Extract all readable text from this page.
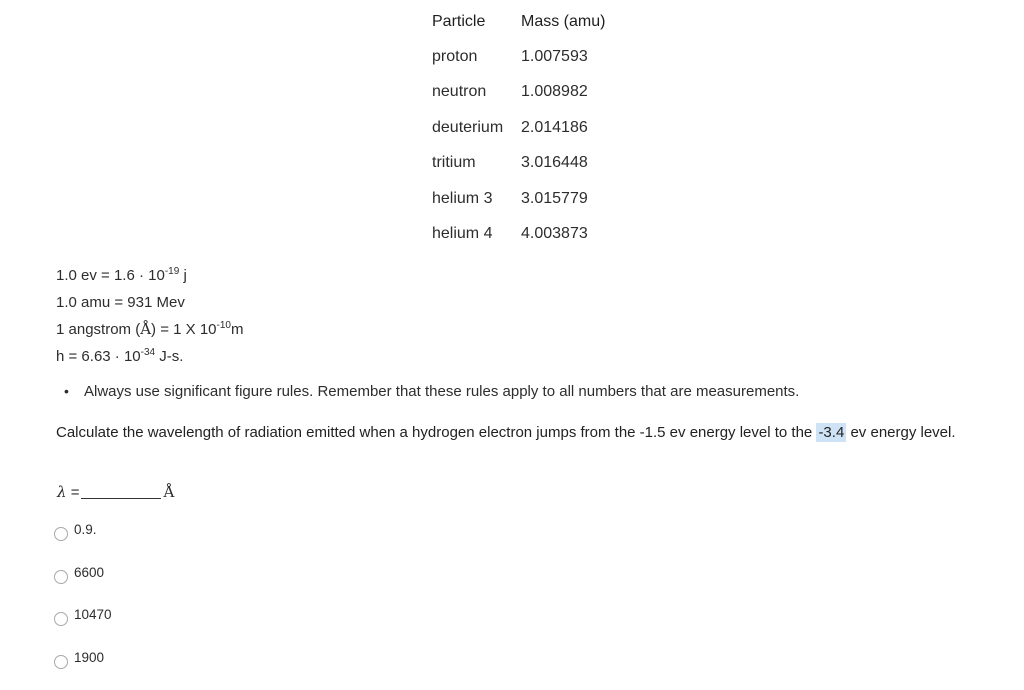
Particle	Mass (amu)
proton	1.007593
neutron	1.008982
deuterium	2.014186
tritium	3.016448
helium 3	3.015779
helium 4	4.003873
1.0 ev = $1.6 \cdot 10^{-19}$ j
1.0 amu = 931 Mev
1 angstrom (Å) = 1 X $10^{-10}m$
$h = 6.63 \cdot 10^{-34}$ J-s.
• Always use significant figure rules. Remember that these rules apply to all numbers that are measurements.
Calculate the wavelength of radiation emitted when a hydrogen electron jumps from the -1.5 ev energy level to the -3.4 ev energy level.
λ =	Å
0.9.
6600
10470
1900
